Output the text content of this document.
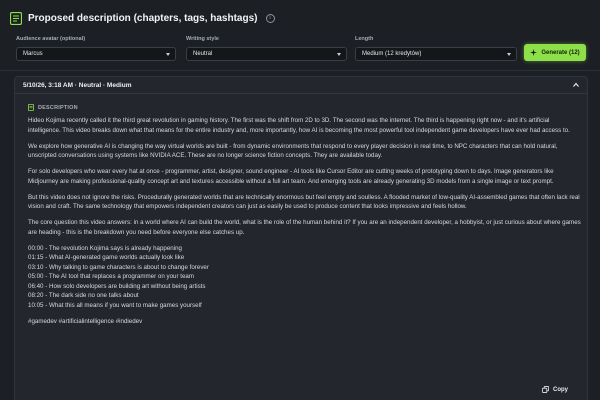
Proposed description (chapters, tags, hashtags)	i
Audience avatar (optional)
Marcus
Writing style
Neutral
Length
Medium (12 kredytów)	Generate (12)
5/10/26, 3:18 AM · Neutral · Medium
DESCRIPTION

Hideo Kojima recently called it the third great revolution in gaming history. The first was the shift from 2D to 3D. The second was the internet. The third is happening right now - and it's artificial intelligence. This video breaks down what that means for the entire industry and, more importantly, how AI is becoming the most powerful tool independent game developers have ever had access to.

We explore how generative AI is changing the way virtual worlds are built - from dynamic environments that respond to every player decision in real time, to NPC characters that can hold natural, unscripted conversations using systems like NVIDIA ACE. These are no longer science fiction concepts. They are available today.

For solo developers who wear every hat at once - programmer, artist, designer, sound engineer - AI tools like Cursor Editor are cutting weeks of prototyping down to days. Image generators like Midjourney are making professional-quality concept art and textures accessible without a full art team. And emerging tools are already generating 3D models from a single image or text prompt.

But this video does not ignore the risks. Procedurally generated worlds that are technically enormous but feel empty and soulless. A flooded market of low-quality AI-assembled games that often lack real vision and craft. The same technology that empowers independent creators can just as easily be used to produce content that looks impressive and feels hollow.

The core question this video answers: in a world where AI can build the world, what is the role of the human behind it? If you are an independent developer, a hobbyist, or just curious about where games are heading - this is the breakdown you need before everyone else catches up.

00:00 - The revolution Kojima says is already happening
01:15 - What AI-generated game worlds actually look like
03:10 - Why talking to game characters is about to change forever
05:00 - The AI tool that replaces a programmer on your team
06:40 - How solo developers are building art without being artists
08:20 - The dark side no one talks about
10:05 - What this all means if you want to make games yourself

#gamedev #artificialintelligence #indiedev

Copy
